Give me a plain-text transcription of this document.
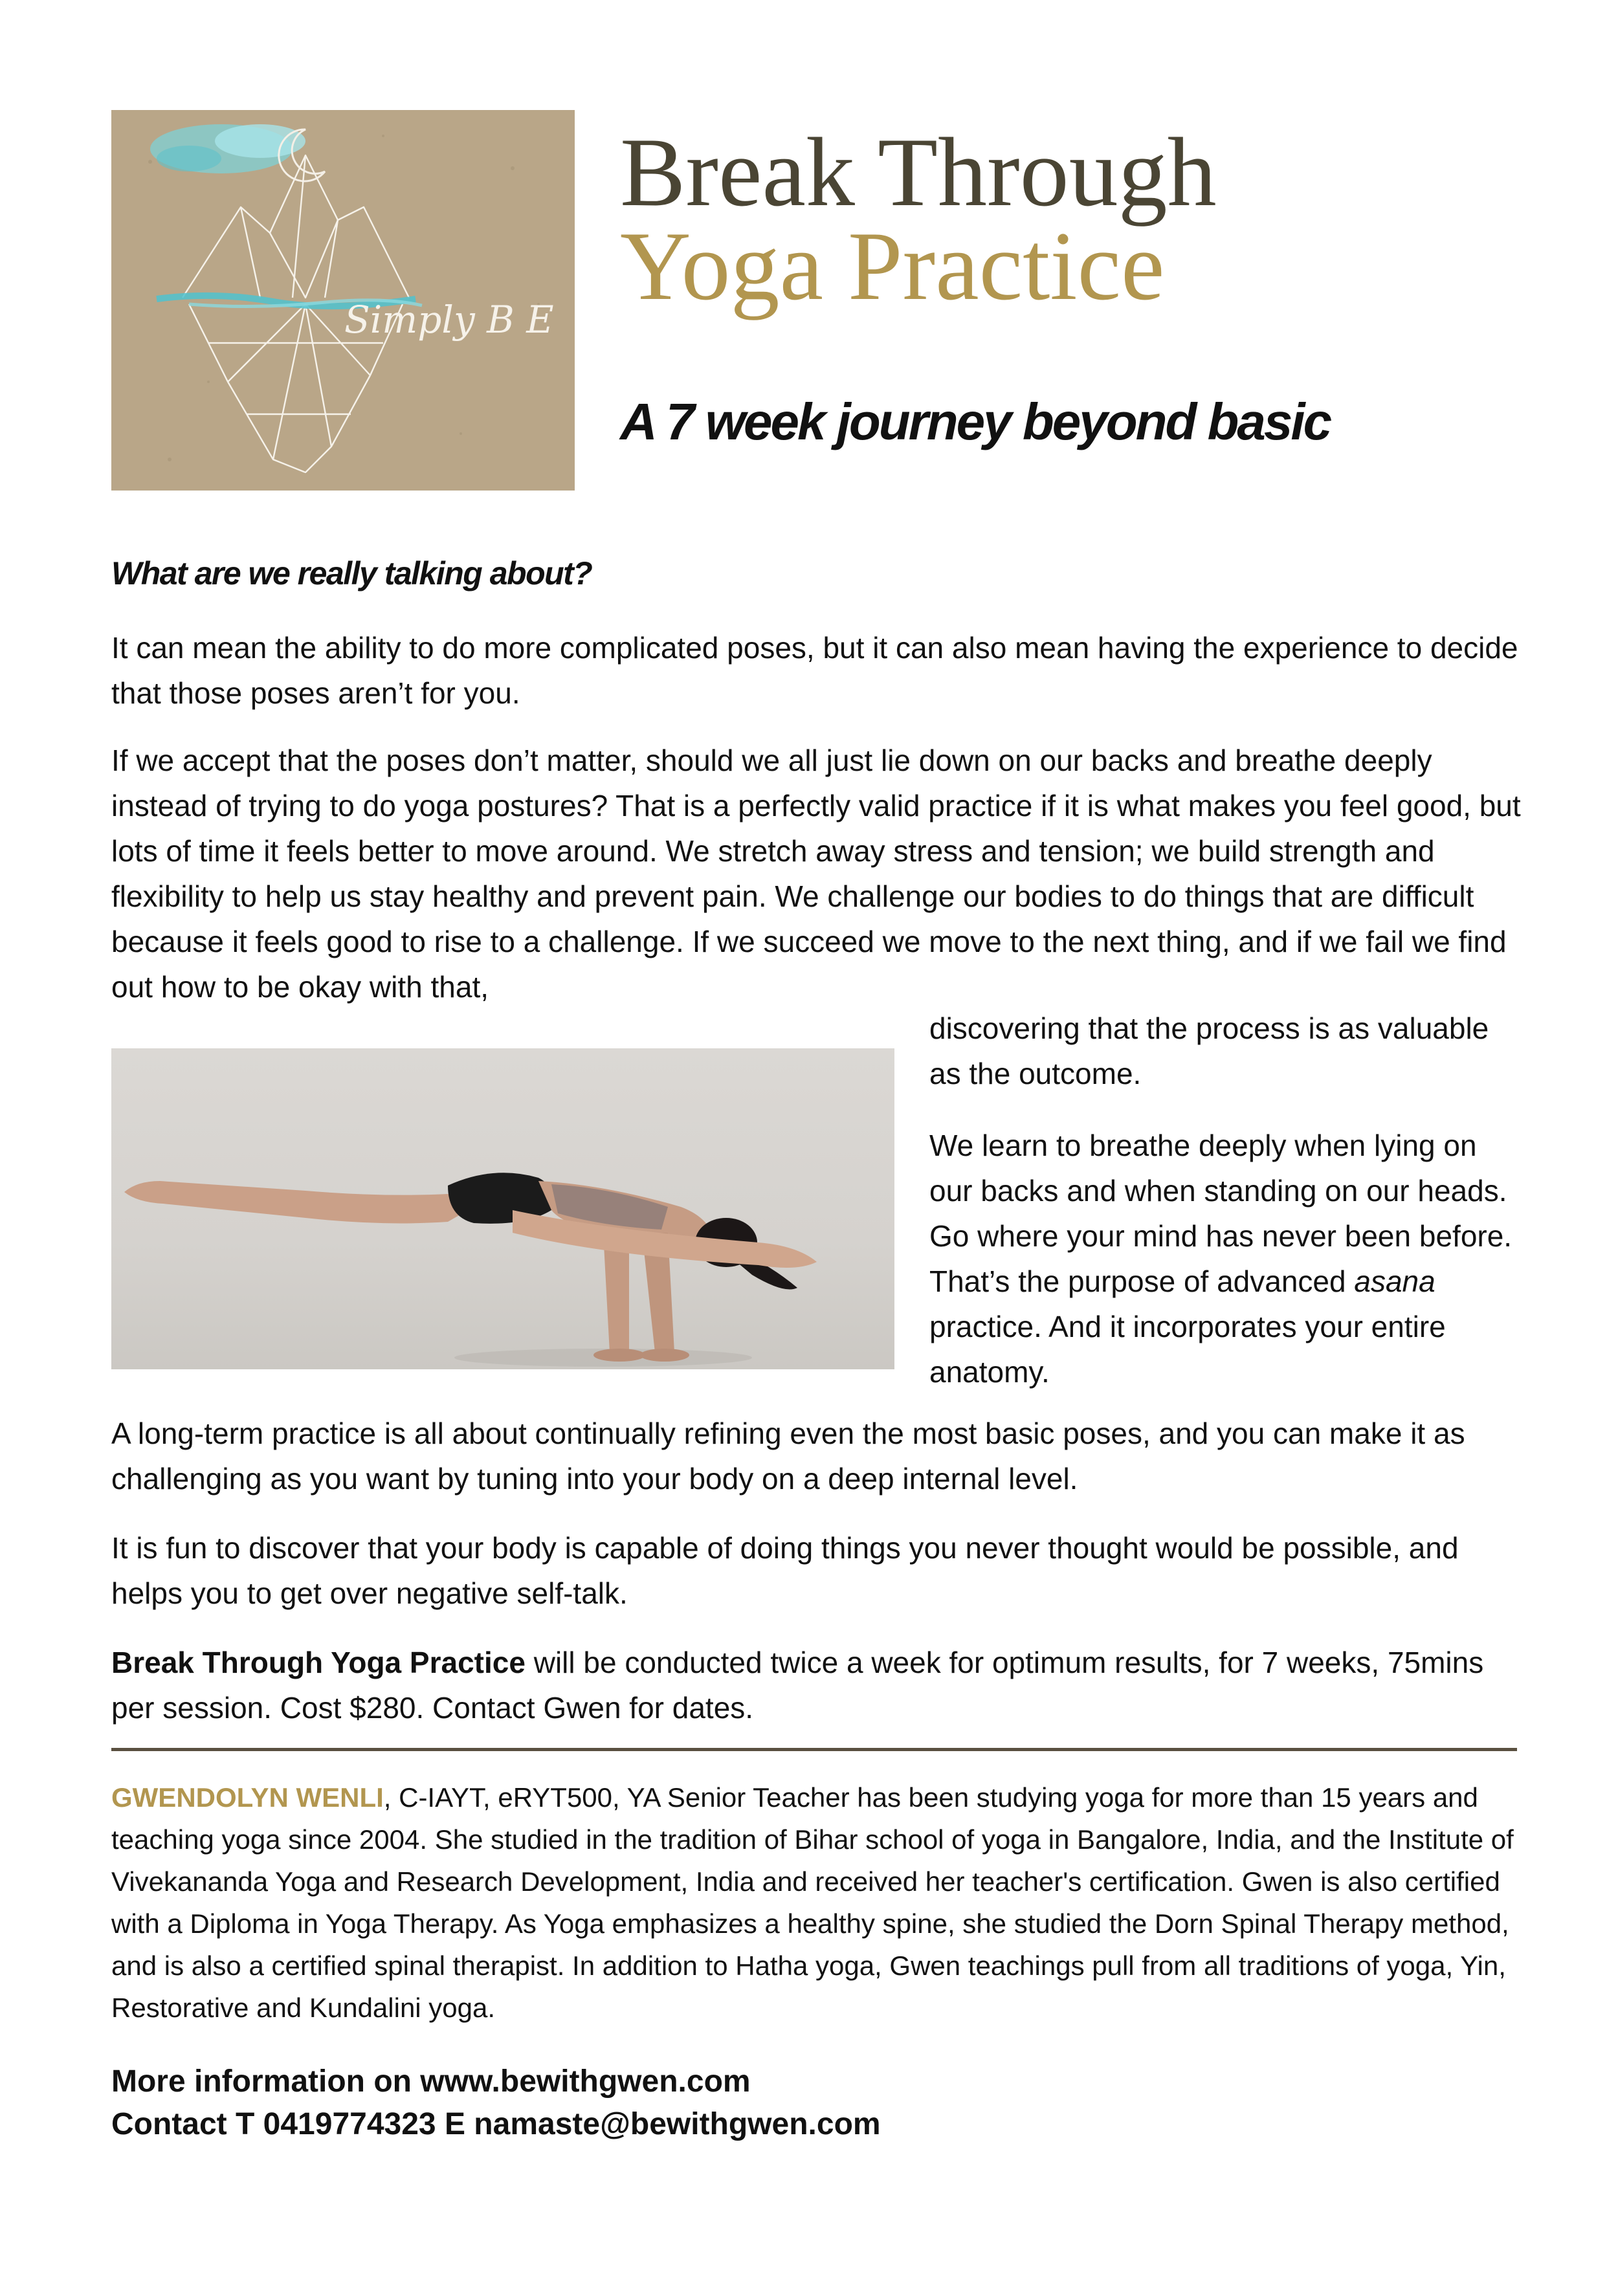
Simply B E
Break Through
Yoga Practice
A 7 week journey beyond basic
What are we really talking about?

It can mean the ability to do more complicated poses, but it can also mean having the experience to decide that those poses aren’t for you.

If we accept that the poses don’t matter, should we all just lie down on our backs and breathe deeply instead of trying to do yoga postures? That is a perfectly valid practice if it is what makes you feel good, but lots of time it feels better to move around. We stretch away stress and tension; we build strength and flexibility to help us stay healthy and prevent pain. We challenge our bodies to do things that are difficult because it feels good to rise to a challenge. If we succeed we move to the next thing, and if we fail we find out how to be okay with that,

discovering that the process is as valuable as the outcome.

We learn to breathe deeply when lying on our backs and when standing on our heads. Go where your mind has never been before. That’s the purpose of advanced asana practice. And it incorporates your entire anatomy.

A long-term practice is all about continually refining even the most basic poses, and you can make it as challenging as you want by tuning into your body on a deep internal level.

It is fun to discover that your body is capable of doing things you never thought would be possible, and helps you to get over negative self-talk.

Break Through Yoga Practice will be conducted twice a week for optimum results, for 7 weeks, 75mins per session. Cost $280. Contact Gwen for dates.

GWENDOLYN WENLI, C-IAYT, eRYT500, YA Senior Teacher has been studying yoga for more than 15 years and teaching yoga since 2004. She studied in the tradition of Bihar school of yoga in Bangalore, India, and the Institute of Vivekananda Yoga and Research Development, India and received her teacher's certification. Gwen is also certified with a Diploma in Yoga Therapy. As Yoga emphasizes a healthy spine, she studied the Dorn Spinal Therapy method, and is also a certified spinal therapist. In addition to Hatha yoga, Gwen teachings pull from all traditions of yoga, Yin, Restorative and Kundalini yoga.

More information on www.bewithgwen.com

Contact T 0419774323 E namaste@bewithgwen.com
